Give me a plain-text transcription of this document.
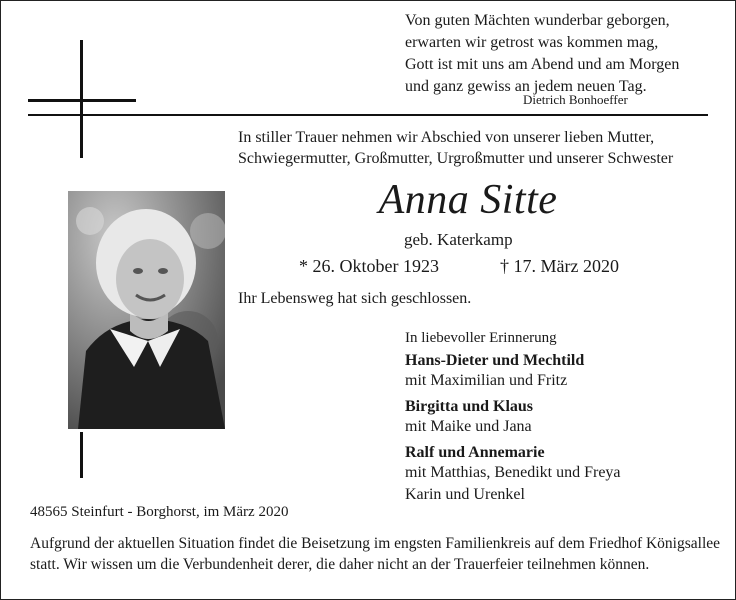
Von guten Mächten wunderbar geborgen,
erwarten wir getrost was kommen mag,
Gott ist mit uns am Abend und am Morgen
und ganz gewiss an jedem neuen Tag.
Dietrich Bonhoeffer
In stiller Trauer nehmen wir Abschied von unserer lieben Mutter,
Schwiegermutter, Großmutter, Urgroßmutter und unserer Schwester
Anna Sitte
geb. Katerkamp
* 26. Oktober 1923	† 17. März 2020
Ihr Lebensweg hat sich geschlossen.
In liebevoller Erinnerung
Hans-Dieter und Mechtild
mit Maximilian und Fritz
Birgitta und Klaus
mit Maike und Jana
Ralf und Annemarie
mit Matthias, Benedikt und Freya
Karin und Urenkel
48565 Steinfurt - Borghorst, im März 2020

Aufgrund der aktuellen Situation findet die Beisetzung im engsten Familienkreis auf dem Friedhof Königsallee statt. Wir wissen um die Verbundenheit derer, die daher nicht an der Trauerfeier teilnehmen können.
